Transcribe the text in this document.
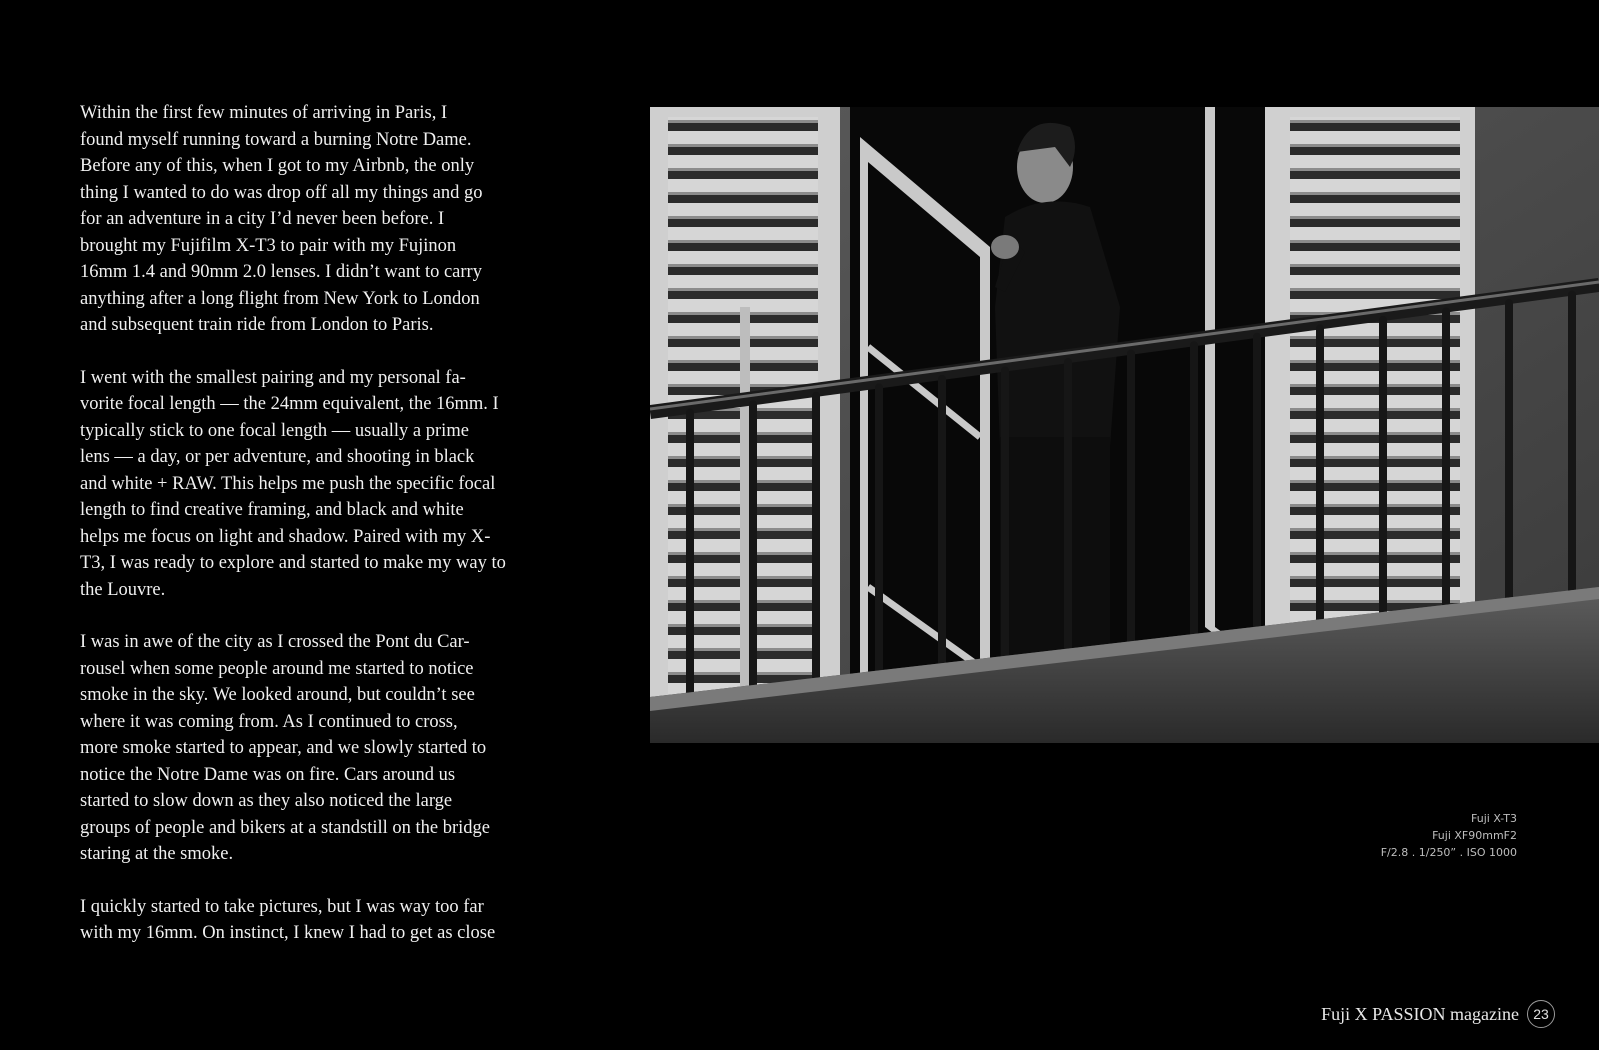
Within the first few minutes of arriving in Paris, I
found myself running toward a burning Notre Dame.
Before any of this, when I got to my Airbnb, the only
thing I wanted to do was drop off all my things and go
for an adventure in a city I’d never been before. I
brought my Fujifilm X-T3 to pair with my Fujinon
16mm 1.4 and 90mm 2.0 lenses. I didn’t want to carry
anything after a long flight from New York to London
and subsequent train ride from London to Paris.

I went with the smallest pairing and my personal fa-
vorite focal length — the 24mm equivalent, the 16mm. I
typically stick to one focal length — usually a prime
lens — a day, or per adventure, and shooting in black
and white + RAW. This helps me push the specific focal
length to find creative framing, and black and white
helps me focus on light and shadow. Paired with my X-
T3, I was ready to explore and started to make my way to
the Louvre.

I was in awe of the city as I crossed the Pont du Car-
rousel when some people around me started to notice
smoke in the sky. We looked around, but couldn’t see
where it was coming from. As I continued to cross,
more smoke started to appear, and we slowly started to
notice the Notre Dame was on fire. Cars around us
started to slow down as they also noticed the large
groups of people and bikers at a standstill on the bridge
staring at the smoke.

I quickly started to take pictures, but I was way too far
with my 16mm. On instinct, I knew I had to get as close

Fuji X-T3
Fuji XF90mmF2
F/2.8 . 1/250” . ISO 1000
Fuji X PASSION magazine	23
